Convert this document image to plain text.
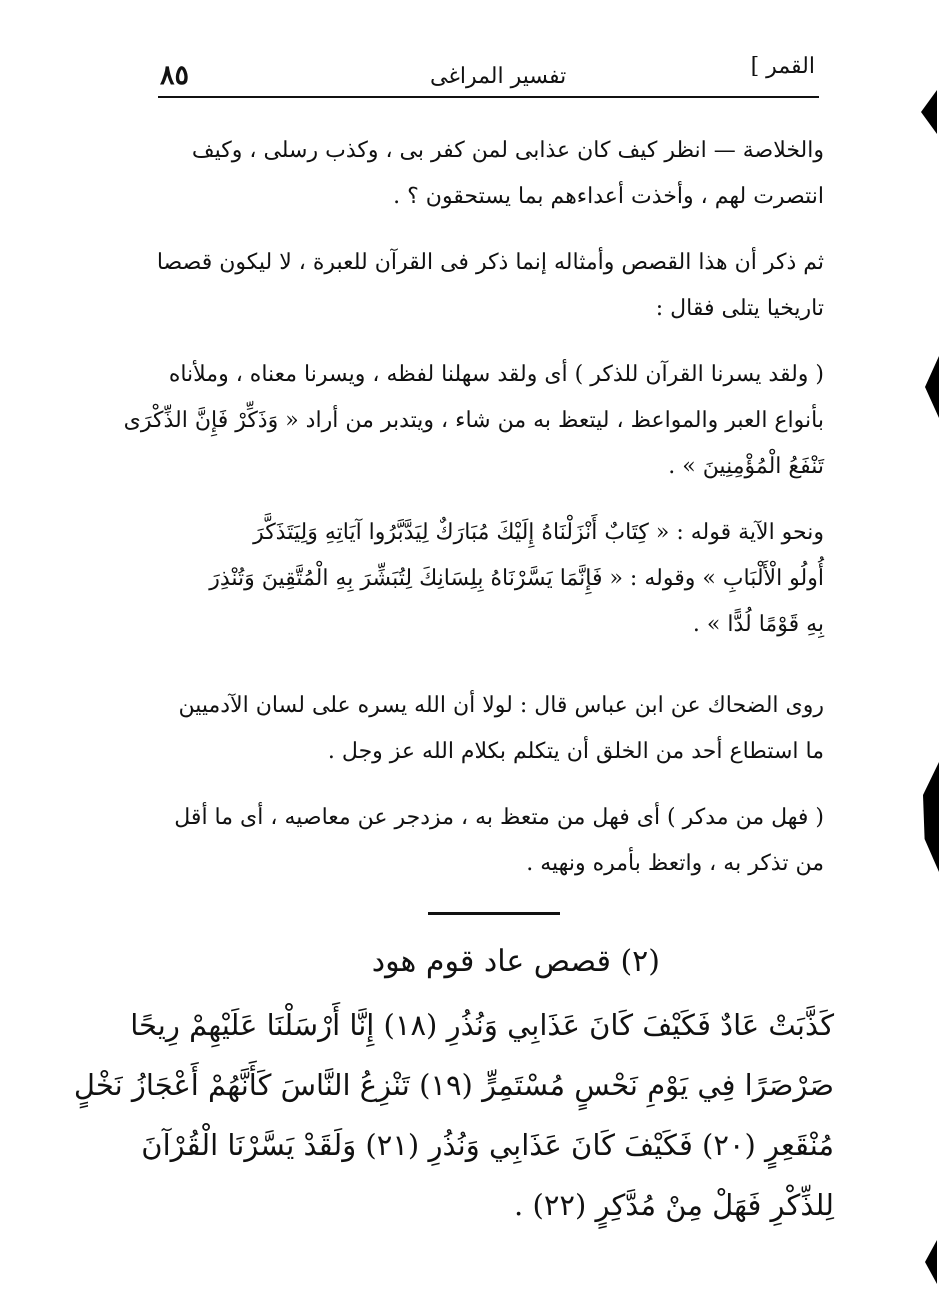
٨٥	تفسير المراغى	القمر ]
والخلاصة — انظر كيف كان عذابى لمن كفر بى ، وكذب رسلى ، وكيف
انتصرت لهم ، وأخذت أعداءهم بما يستحقون ؟ .
ثم ذكر أن هذا القصص وأمثاله إنما ذكر فى القرآن للعبرة ، لا ليكون قصصا
تاريخيا يتلى فقال :
( ولقد يسرنا القرآن للذكر ) أى ولقد سهلنا لفظه ، ويسرنا معناه ، وملأناه
بأنواع العبر والمواعظ ، ليتعظ به من شاء ، ويتدبر من أراد « وَذَكِّرْ فَإِنَّ الذِّكْرَى
تَنْفَعُ الْمُؤْمِنِينَ » .
ونحو الآية قوله : « كِتَابٌ أَنْزَلْنَاهُ إِلَيْكَ مُبَارَكٌ لِيَدَّبَّرُوا آيَاتِهِ وَلِيَتَذَكَّرَ
أُولُو الْأَلْبَابِ » وقوله : « فَإِنَّمَا يَسَّرْنَاهُ بِلِسَانِكَ لِتُبَشِّرَ بِهِ الْمُتَّقِينَ وَتُنْذِرَ
بِهِ قَوْمًا لُدًّا » .
روى الضحاك عن ابن عباس قال : لولا أن الله يسره على لسان الآدميين
ما استطاع أحد من الخلق أن يتكلم بكلام الله عز وجل .
( فهل من مدكر ) أى فهل من متعظ به ، مزدجر عن معاصيه ، أى ما أقل
من تذكر به ، واتعظ بأمره ونهيه .
(٢) قصص عاد قوم هود
كَذَّبَتْ عَادٌ فَكَيْفَ كَانَ عَذَابِي وَنُذُرِ (١٨) إِنَّا أَرْسَلْنَا عَلَيْهِمْ رِيحًا
صَرْصَرًا فِي يَوْمِ نَحْسٍ مُسْتَمِرٍّ (١٩) تَنْزِعُ النَّاسَ كَأَنَّهُمْ أَعْجَازُ نَخْلٍ
مُنْقَعِرٍ (٢٠) فَكَيْفَ كَانَ عَذَابِي وَنُذُرِ (٢١) وَلَقَدْ يَسَّرْنَا الْقُرْآنَ
لِلذِّكْرِ فَهَلْ مِنْ مُدَّكِرٍ (٢٢) .
